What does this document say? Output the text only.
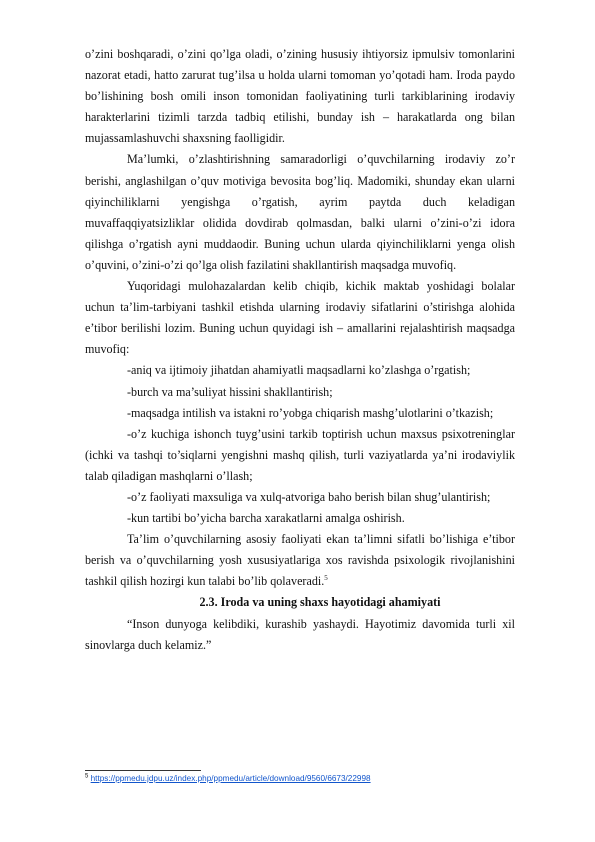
o’zini boshqaradi, o’zini qo’lga oladi, o’zining hususiy ihtiyorsiz ipmulsiv tomonlarini nazorat etadi, hatto zarurat tug’ilsa u holda ularni tomoman yo’qotadi ham. Iroda paydo bo’lishining bosh omili inson tomonidan faoliyatining turli tarkiblarining irodaviy harakterlarini tizimli tarzda tadbiq etilishi, bunday ish – harakatlarda ong bilan mujassamlashuvchi shaxsning faolligidir.

Ma’lumki, o’zlashtirishning samaradorligi o’quvchilarning irodaviy zo’r berishi, anglashilgan o’quv motiviga bevosita bog’liq. Madomiki, shunday ekan ularni qiyinchiliklarni yengishga o’rgatish, ayrim paytda duch keladigan muvaffaqqiyatsizliklar olidida dovdirab qolmasdan, balki ularni o’zini-o’zi idora qilishga o’rgatish ayni muddaodir. Buning uchun ularda qiyinchiliklarni yenga olish o’quvini, o’zini-o’zi qo’lga olish fazilatini shakllantirish maqsadga muvofiq.

Yuqoridagi mulohazalardan kelib chiqib, kichik maktab yoshidagi bolalar uchun ta’lim-tarbiyani tashkil etishda ularning irodaviy sifatlarini o’stirishga alohida e’tibor berilishi lozim. Buning uchun quyidagi ish – amallarini rejalashtirish maqsadga muvofiq:

-aniq va ijtimoiy jihatdan ahamiyatli maqsadlarni ko’zlashga o’rgatish;

-burch va ma’suliyat hissini shakllantirish;

-maqsadga intilish va istakni ro’yobga chiqarish mashg’ulotlarini o’tkazish;

-o’z kuchiga ishonch tuyg’usini tarkib toptirish uchun maxsus psixotreninglar (ichki va tashqi to’siqlarni yengishni mashq qilish, turli vaziyatlarda ya’ni irodaviylik talab qiladigan mashqlarni o’llash;

-o’z faoliyati maxsuliga va xulq-atvoriga baho berish bilan shug’ulantirish;

-kun tartibi bo’yicha barcha xarakatlarni amalga oshirish.

Ta’lim o’quvchilarning asosiy faoliyati ekan ta’limni sifatli bo’lishiga e’tibor berish va o’quvchilarning yosh xususiyatlariga xos ravishda psixologik rivojlanishini tashkil qilish hozirgi kun talabi bo’lib qolaveradi.$^5$

2.3. Iroda va uning shaxs hayotidagi ahamiyati

“Inson dunyoga kelibdiki, kurashib yashaydi. Hayotimiz davomida turli xil sinovlarga duch kelamiz.”

$^5$ https://ppmedu.jdpu.uz/index.php/ppmedu/article/download/9560/6673/22998
